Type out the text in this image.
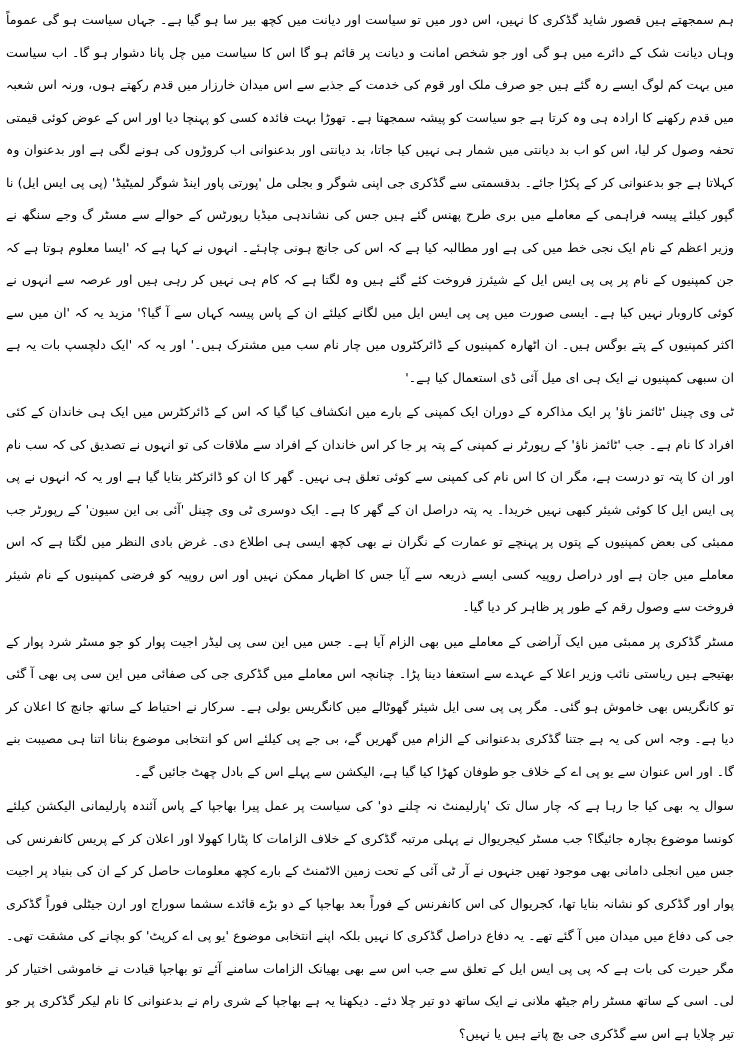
ہم سمجھتے ہیں قصور شاید گڈکری کا نہیں، اس دور میں تو سیاست اور دیانت میں کچھ بیر سا ہو گیا ہے۔ جہاں سیاست ہو گی عموماً وہاں دیانت شک کے دائرے میں ہو گی اور جو شخص امانت و دیانت پر قائم ہو گا اس کا سیاست میں چل پانا دشوار ہو گا۔ اب سیاست میں بہت کم لوگ ایسے رہ گئے ہیں جو صرف ملک اور قوم کی خدمت کے جذبے سے اس میدان خارزار میں قدم رکھتے ہوں، ورنہ اس شعبہ میں قدم رکھنے کا ارادہ ہی وہ کرتا ہے جو سیاست کو پیشہ سمجھتا ہے۔ تھوڑا بہت فائدہ کسی کو پہنچا دیا اور اس کے عوض کوئی قیمتی تحفہ وصول کر لیا، اس کو اب بد دیانتی میں شمار ہی نہیں کیا جاتا، بد دیانتی اور بدعنوانی اب کروڑوں کی ہونے لگی ہے اور بدعنوان وہ کہلاتا ہے جو بدعنوانی کر کے پکڑا جائے۔ بدقسمتی سے گڈکری جی اپنی شوگر و بجلی مل 'پورتی پاور اینڈ شوگر لمیٹیڈ' (پی پی ایس ایل) نا گپور کیلئے پیسہ فراہمی کے معاملے میں بری طرح پھنس گئے ہیں جس کی نشاندہی میڈیا رپورٹس کے حوالے سے مسٹر گ وجے سنگھ نے وزیر اعظم کے نام ایک نجی خط میں کی ہے اور مطالبہ کیا ہے کہ اس کی جانچ ہونی چاہئے۔ انہوں نے کہا ہے کہ 'ایسا معلوم ہوتا ہے کہ جن کمپنیوں کے نام پر پی پی ایس ایل کے شیئرز فروخت کئے گئے ہیں وہ لگتا ہے کہ کام ہی نہیں کر رہی ہیں اور عرصہ سے انہوں نے کوئی کاروبار نہیں کیا ہے۔ ایسی صورت میں پی پی ایس ایل میں لگانے کیلئے ان کے پاس پیسہ کہاں سے آ گیا؟' مزید یہ کہ 'ان میں سے اکثر کمپنیوں کے پتے بوگس ہیں۔ ان اٹھارہ کمپنیوں کے ڈائرکٹروں میں چار نام سب میں مشترک ہیں۔' اور یہ کہ 'ایک دلچسپ بات یہ ہے ان سبھی کمپنیوں نے ایک ہی ای میل آئی ڈی استعمال کیا ہے۔'

ٹی وی چینل 'ٹائمز ناؤ' پر ایک مذاکرہ کے دوران ایک کمپنی کے بارے میں انکشاف کیا گیا کہ اس کے ڈائرکٹرس میں ایک ہی خاندان کے کئی افراد کا نام ہے۔ جب 'ٹائمز ناؤ' کے رپورٹر نے کمپنی کے پتہ پر جا کر اس خاندان کے افراد سے ملاقات کی تو انہوں نے تصدیق کی کہ سب نام اور ان کا پتہ تو درست ہے، مگر ان کا اس نام کی کمپنی سے کوئی تعلق ہی نہیں۔ گھر کا ان کو ڈائرکٹر بتایا گیا ہے اور یہ کہ انہوں نے پی پی ایس ایل کا کوئی شیئر کبھی نہیں خریدا۔ یہ پتہ دراصل ان کے گھر کا ہے۔ ایک دوسری ٹی وی چینل 'آئی بی این سیون' کے رپورٹر جب ممبئی کی بعض کمپنیوں کے پتوں پر پہنچے تو عمارت کے نگران نے بھی کچھ ایسی ہی اطلاع دی۔ غرض بادی النظر میں لگتا ہے کہ اس معاملے میں جان ہے اور دراصل روپیہ کسی ایسے ذریعہ سے آیا جس کا اظہار ممکن نہیں اور اس روپیہ کو فرضی کمپنیوں کے نام شیئر فروخت سے وصول رقم کے طور پر ظاہر کر دیا گیا۔

مسٹر گڈکری پر ممبئی میں ایک آراضی کے معاملے میں بھی الزام آیا ہے۔ جس میں این سی پی لیڈر اجیت پوار کو جو مسٹر شرد پوار کے بھتیجے ہیں ریاستی نائب وزیر اعلا کے عہدے سے استعفا دینا پڑا۔ چنانچہ اس معاملے میں گڈکری جی کی صفائی میں این سی پی بھی آ گئی تو کانگریس بھی خاموش ہو گئی۔ مگر پی پی سی ایل شیئر گھوٹالے میں کانگریس بولی ہے۔ سرکار نے احتیاط کے ساتھ جانچ کا اعلان کر دیا ہے۔ وجہ اس کی یہ ہے جتنا گڈکری بدعنوانی کے الزام میں گھریں گے، بی جے پی کیلئے اس کو انتخابی موضوع بنانا اتنا ہی مصیبت بنے گا۔ اور اس عنوان سے یو پی اے کے خلاف جو طوفان کھڑا کیا گیا ہے، الیکشن سے پہلے اس کے بادل چھٹ جائیں گے۔

سوال یہ بھی کیا جا رہا ہے کہ چار سال تک 'پارلیمنٹ نہ چلنے دو' کی سیاست پر عمل پیرا بھاجپا کے پاس آئندہ پارلیمانی الیکشن کیلئے کونسا موضوع بچارہ جائیگا؟ جب مسٹر کیجریوال نے پہلی مرتبہ گڈکری کے خلاف الزامات کا پٹارا کھولا اور اعلان کر کے پریس کانفرنس کی جس میں انجلی دامانی بھی موجود تھیں جنہوں نے آر ٹی آئی کے تحت زمین الاٹمنٹ کے بارے کچھ معلومات حاصل کر کے ان کی بنیاد پر اجیت پوار اور گڈکری کو نشانہ بنایا تھا، کجریوال کی اس کانفرنس کے فوراً بعد بھاجپا کے دو بڑے قائدے سشما سوراج اور ارن جیٹلی فوراً گڈکری جی کی دفاع میں میدان میں آ گئے تھے۔ یہ دفاع دراصل گڈکری کا نہیں بلکہ اپنے انتخابی موضوع 'یو پی اے کرپٹ' کو بچانے کی مشقت تھی۔ مگر حیرت کی بات ہے کہ پی پی ایس ایل کے تعلق سے جب اس سے بھی بھیانک الزامات سامنے آئے تو بھاجپا قیادت نے خاموشی اختیار کر لی۔ اسی کے ساتھ مسٹر رام جیٹھ ملانی نے ایک ساتھ دو تیر چلا دئے۔ دیکھنا یہ ہے بھاجپا کے شری رام نے بدعنوانی کا نام لیکر گڈکری پر جو تیر چلایا ہے اس سے گڈکری جی بچ پاتے ہیں یا نہیں؟
